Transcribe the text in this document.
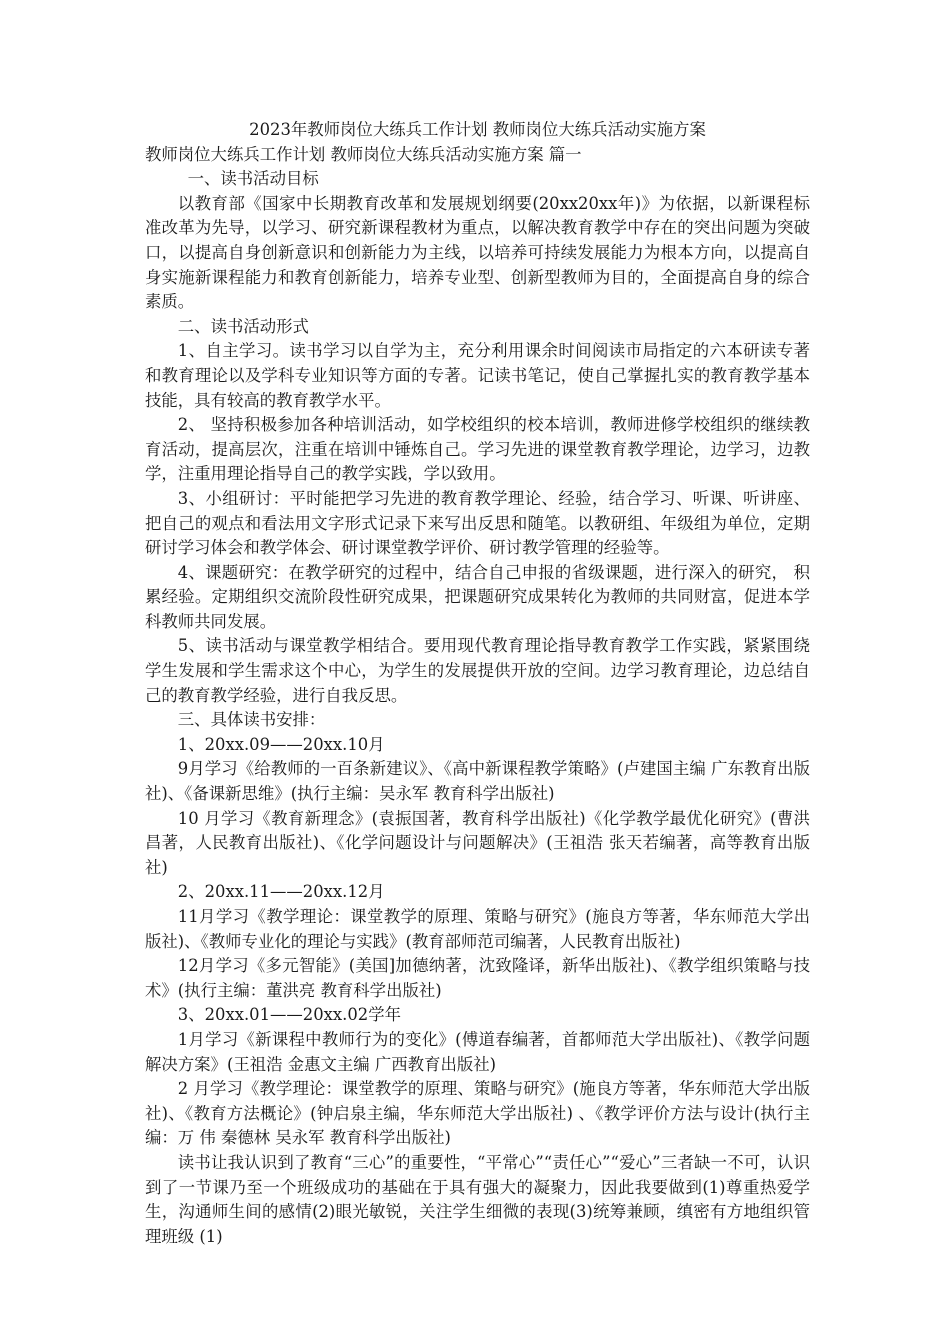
2023年教师岗位大练兵工作计划 教师岗位大练兵活动实施方案

教师岗位大练兵工作计划 教师岗位大练兵活动实施方案 篇一

一、读书活动目标

以教育部《国家中长期教育改革和发展规划纲要(20xx20xx年)》为依据，以新课程标准改革为先导，以学习、研究新课程教材为重点，以解决教育教学中存在的突出问题为突破口，以提高自身创新意识和创新能力为主线，以培养可持续发展能力为根本方向，以提高自身实施新课程能力和教育创新能力，培养专业型、创新型教师为目的，全面提高自身的综合素质。

二、读书活动形式

1、自主学习。读书学习以自学为主，充分利用课余时间阅读市局指定的六本研读专著和教育理论以及学科专业知识等方面的专著。记读书笔记，使自己掌握扎实的教育教学基本技能，具有较高的教育教学水平。

2、 坚持积极参加各种培训活动，如学校组织的校本培训，教师进修学校组织的继续教育活动，提高层次，注重在培训中锤炼自己。学习先进的课堂教育教学理论，边学习，边教学，注重用理论指导自己的教学实践，学以致用。

3、小组研讨：平时能把学习先进的教育教学理论、经验，结合学习、听课、听讲座、把自己的观点和看法用文字形式记录下来写出反思和随笔。以教研组、年级组为单位，定期研讨学习体会和教学体会、研讨课堂教学评价、研讨教学管理的经验等。

4、课题研究：在教学研究的过程中，结合自己申报的省级课题，进行深入的研究， 积累经验。定期组织交流阶段性研究成果，把课题研究成果转化为教师的共同财富，促进本学科教师共同发展。

5、读书活动与课堂教学相结合。要用现代教育理论指导教育教学工作实践，紧紧围绕学生发展和学生需求这个中心，为学生的发展提供开放的空间。边学习教育理论，边总结自己的教育教学经验，进行自我反思。

三、具体读书安排：

1、20xx.09——20xx.10月

9月学习《给教师的一百条新建议》、《高中新课程教学策略》(卢建国主编 广东教育出版社)、《备课新思维》(执行主编：吴永军 教育科学出版社)

10 月学习《教育新理念》(袁振国著，教育科学出版社)《化学教学最优化研究》(曹洪昌著，人民教育出版社)、《化学问题设计与问题解决》(王祖浩 张天若编著，高等教育出版社)

2、20xx.11——20xx.12月

11月学习《教学理论：课堂教学的原理、策略与研究》(施良方等著，华东师范大学出版社)、《教师专业化的理论与实践》(教育部师范司编著，人民教育出版社)

12月学习《多元智能》(美国]加德纳著，沈致隆译，新华出版社)、《教学组织策略与技术》(执行主编：董洪亮 教育科学出版社)

3、20xx.01——20xx.02学年

1月学习《新课程中教师行为的变化》(傅道春编著，首都师范大学出版社)、《教学问题解决方案》(王祖浩 金惠文主编 广西教育出版社)

2 月学习《教学理论：课堂教学的原理、策略与研究》(施良方等著，华东师范大学出版社)、《教育方法概论》(钟启泉主编，华东师范大学出版社) 、《教学评价方法与设计(执行主编：万 伟 秦德林 吴永军 教育科学出版社)

读书让我认识到了教育“三心”的重要性，“平常心”“责任心”“爱心”三者缺一不可，认识到了一节课乃至一个班级成功的基础在于具有强大的凝聚力，因此我要做到(1)尊重热爱学生，沟通师生间的感情(2)眼光敏锐，关注学生细微的表现(3)统筹兼顾，缜密有方地组织管理班级 (1)
